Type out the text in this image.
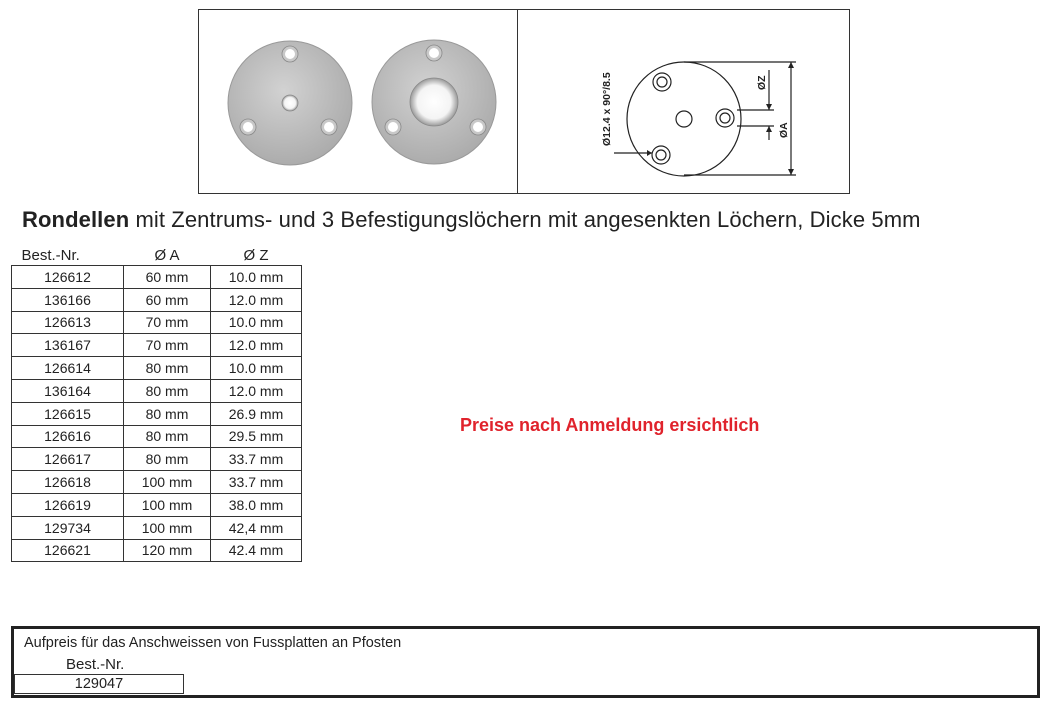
Ø12.4 x 90°/8.5	ØZ
ØA
Rondellen mit Zentrums- und 3 Befestigungslöchern mit angesenkten Löchern, Dicke 5mm
Best.-Nr.	Ø A	Ø Z
126612	60 mm	10.0 mm
136166	60 mm	12.0 mm
126613	70 mm	10.0 mm
136167	70 mm	12.0 mm
126614	80 mm	10.0 mm
136164	80 mm	12.0 mm
126615	80 mm	26.9 mm
126616	80 mm	29.5 mm
126617	80 mm	33.7 mm
126618	100 mm	33.7 mm
126619	100 mm	38.0 mm
129734	100 mm	42,4 mm
126621	120 mm	42.4 mm
Preise nach Anmeldung ersichtlich
Aufpreis für das Anschweissen von Fussplatten an Pfosten
Best.-Nr.
129047
